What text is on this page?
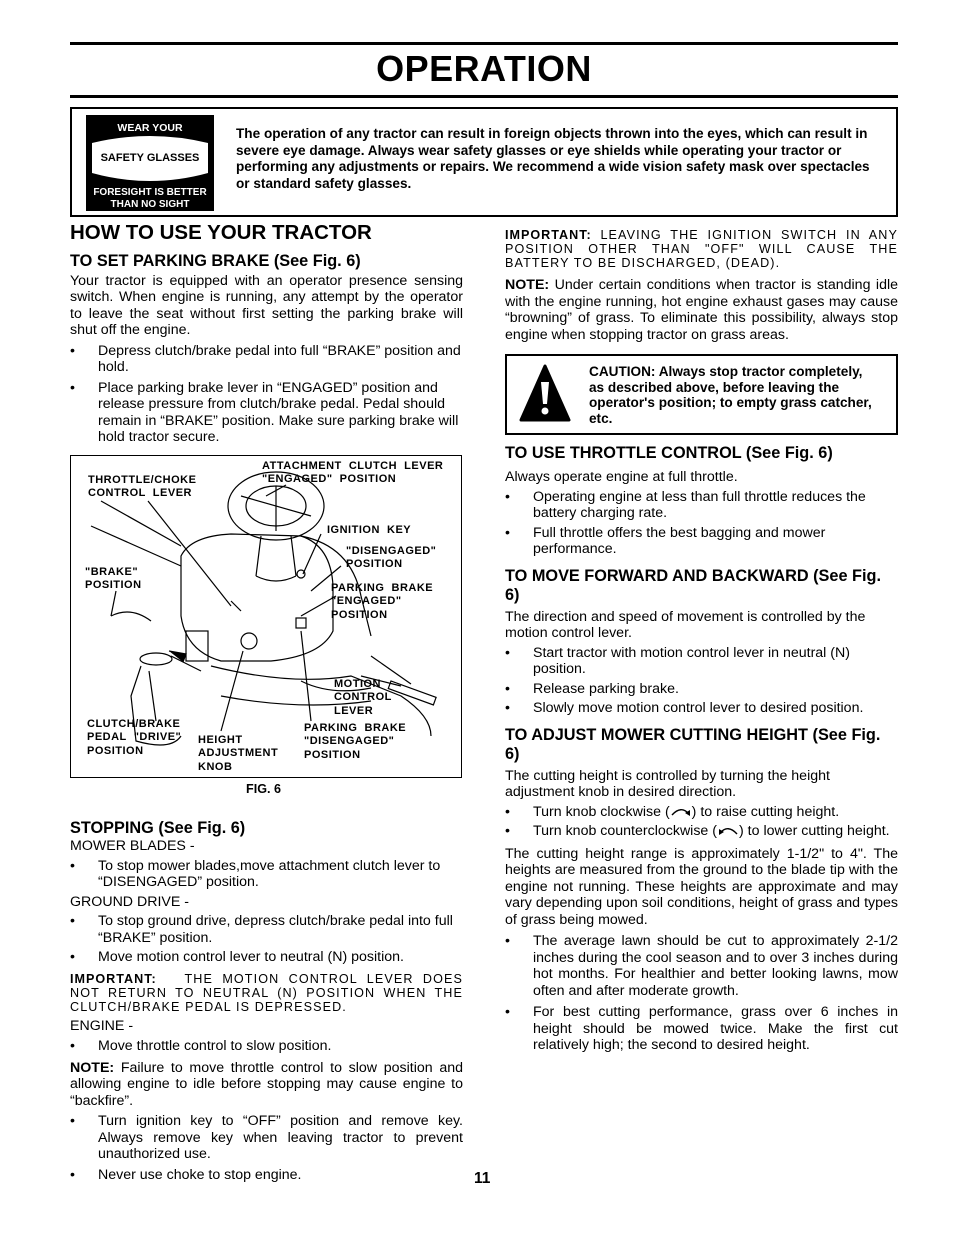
OPERATION
WEAR YOUR
SAFETY GLASSES
FORESIGHT IS BETTER
THAN NO SIGHT
The operation of any tractor can result in foreign objects thrown into the eyes, which can result in severe eye damage. Always wear safety glasses or eye shields while operating your tractor or performing any adjustments or repairs. We recommend a wide vision safety mask over spectacles or standard safety glasses.
HOW TO USE YOUR TRACTOR
TO SET PARKING BRAKE (See Fig. 6)

Your tractor is equipped with an operator presence sensing switch. When engine is running, any attempt by the operator to leave the seat without first setting the parking brake will shut off the engine.

• Depress clutch/brake pedal into full “BRAKE” position and hold.

• Place parking brake lever in “ENGAGED” position and release pressure from clutch/brake pedal. Pedal should remain in “BRAKE” position. Make sure parking brake will hold tractor secure.

THROTTLE/CHOKE
CONTROL  LEVER
ATTACHMENT  CLUTCH  LEVER
"ENGAGED"  POSITION
IGNITION  KEY
"DISENGAGED"
POSITION
"BRAKE"
POSITION	PARKING  BRAKE
"ENGAGED"
POSITION
MOTION
CONTROL
LEVER
CLUTCH/BRAKE
PEDAL  "DRIVE"
POSITION
HEIGHT
ADJUSTMENT
KNOB
PARKING  BRAKE
"DISENGAGED"
POSITION
FIG. 6
STOPPING (See Fig. 6)

MOWER BLADES -

• To stop mower blades,move attachment clutch lever to “DISENGAGED” position.

GROUND DRIVE -

• To stop ground drive, depress clutch/brake pedal into full “BRAKE” position.

• Move motion control lever to neutral (N) position.

IMPORTANT: THE MOTION CONTROL LEVER DOES NOT RETURN TO NEUTRAL (N) POSITION WHEN THE CLUTCH/BRAKE PEDAL IS DEPRESSED.

ENGINE -

• Move throttle control to slow position.

NOTE: Failure to move throttle control to slow position and allowing engine to idle before stopping may cause engine to “backfire”.

• Turn ignition key to “OFF” position and remove key. Always remove key when leaving tractor to prevent unauthorized use.

• Never use choke to stop engine.

IMPORTANT: LEAVING THE IGNITION SWITCH IN ANY POSITION OTHER THAN "OFF" WILL CAUSE THE BATTERY TO BE DISCHARGED, (DEAD).

NOTE: Under certain conditions when tractor is standing idle with the engine running, hot engine exhaust gases may cause “browning” of grass. To eliminate this possibility, always stop engine when stopping tractor on grass areas.

CAUTION: Always stop tractor completely, as described above, before leaving the operator's position; to empty grass catcher, etc.
TO USE THROTTLE CONTROL (See Fig. 6)

Always operate engine at full throttle.

• Operating engine at less than full throttle reduces the battery charging rate.

• Full throttle offers the best bagging and mower performance.

TO MOVE FORWARD AND BACKWARD (See Fig. 6)

The direction and speed of movement is controlled by the motion control lever.

• Start tractor with motion control lever in neutral (N) position.

• Release parking brake.

• Slowly move motion control lever to desired position.

TO ADJUST MOWER CUTTING HEIGHT (See Fig. 6)

The cutting height is controlled by turning the height adjustment knob in desired direction.

• Turn knob clockwise ( ) to raise cutting height.

• Turn knob counterclockwise ( ) to lower cutting height.

The cutting height range is approximately 1-1/2" to 4". The heights are measured from the ground to the blade tip with the engine not running. These heights are approximate and may vary depending upon soil conditions, height of grass and types of grass being mowed.

• The average lawn should be cut to approximately 2-1/2 inches during the cool season and to over 3 inches during hot months. For healthier and better looking lawns, mow often and after moderate growth.

• For best cutting performance, grass over 6 inches in height should be mowed twice. Make the first cut relatively high; the second to desired height.

11
